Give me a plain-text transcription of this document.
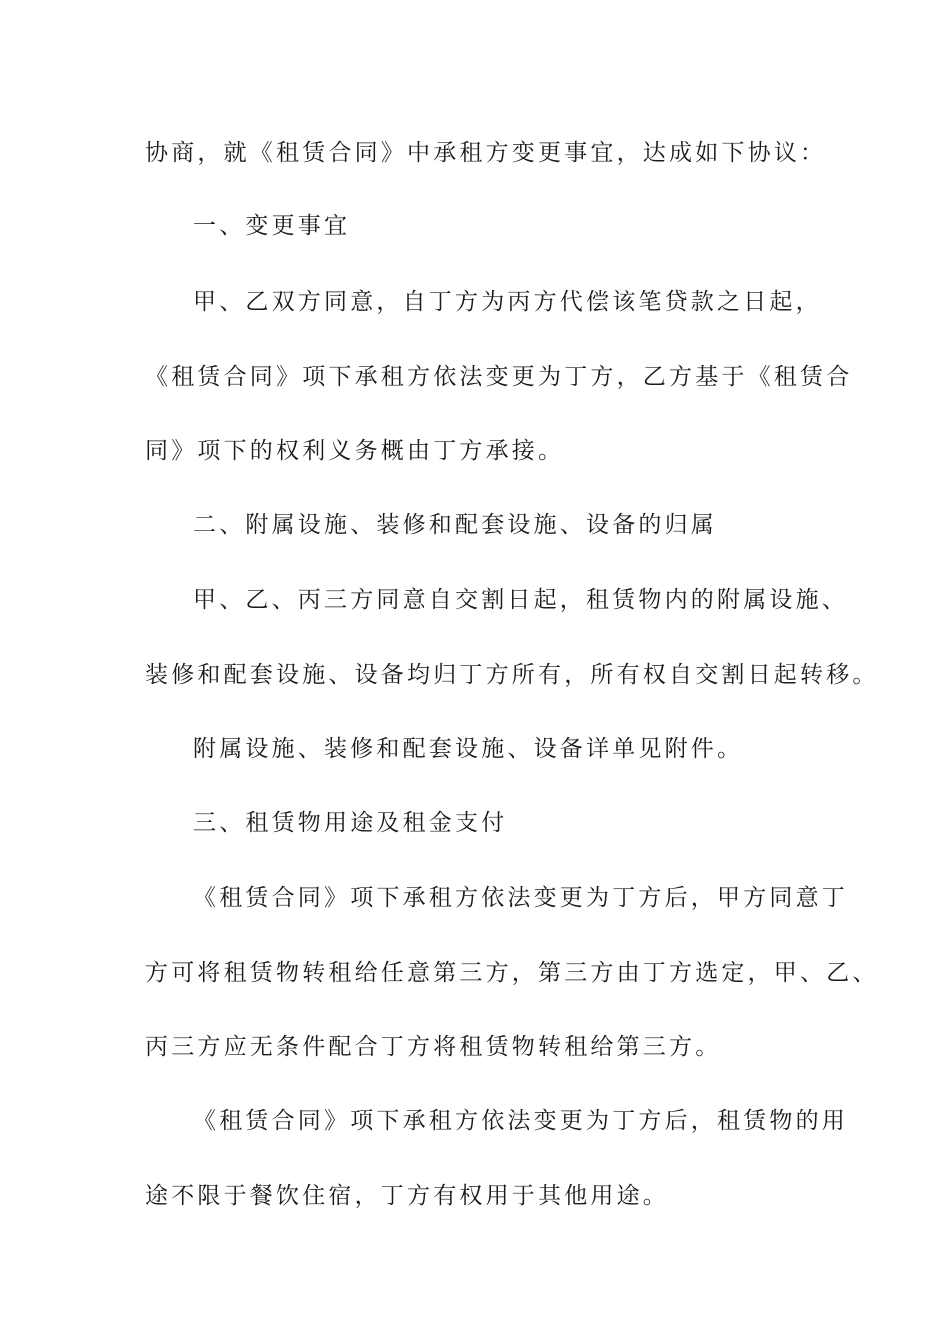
协商，就《租赁合同》中承租方变更事宜，达成如下协议：
一、变更事宜
甲、乙双方同意，自丁方为丙方代偿该笔贷款之日起，
《租赁合同》项下承租方依法变更为丁方，乙方基于《租赁合
同》项下的权利义务概由丁方承接。
二、附属设施、装修和配套设施、设备的归属
甲、乙、丙三方同意自交割日起，租赁物内的附属设施、
装修和配套设施、设备均归丁方所有，所有权自交割日起转移。
附属设施、装修和配套设施、设备详单见附件。
三、租赁物用途及租金支付
《租赁合同》项下承租方依法变更为丁方后，甲方同意丁
方可将租赁物转租给任意第三方，第三方由丁方选定，甲、乙、
丙三方应无条件配合丁方将租赁物转租给第三方。
《租赁合同》项下承租方依法变更为丁方后，租赁物的用
途不限于餐饮住宿，丁方有权用于其他用途。
